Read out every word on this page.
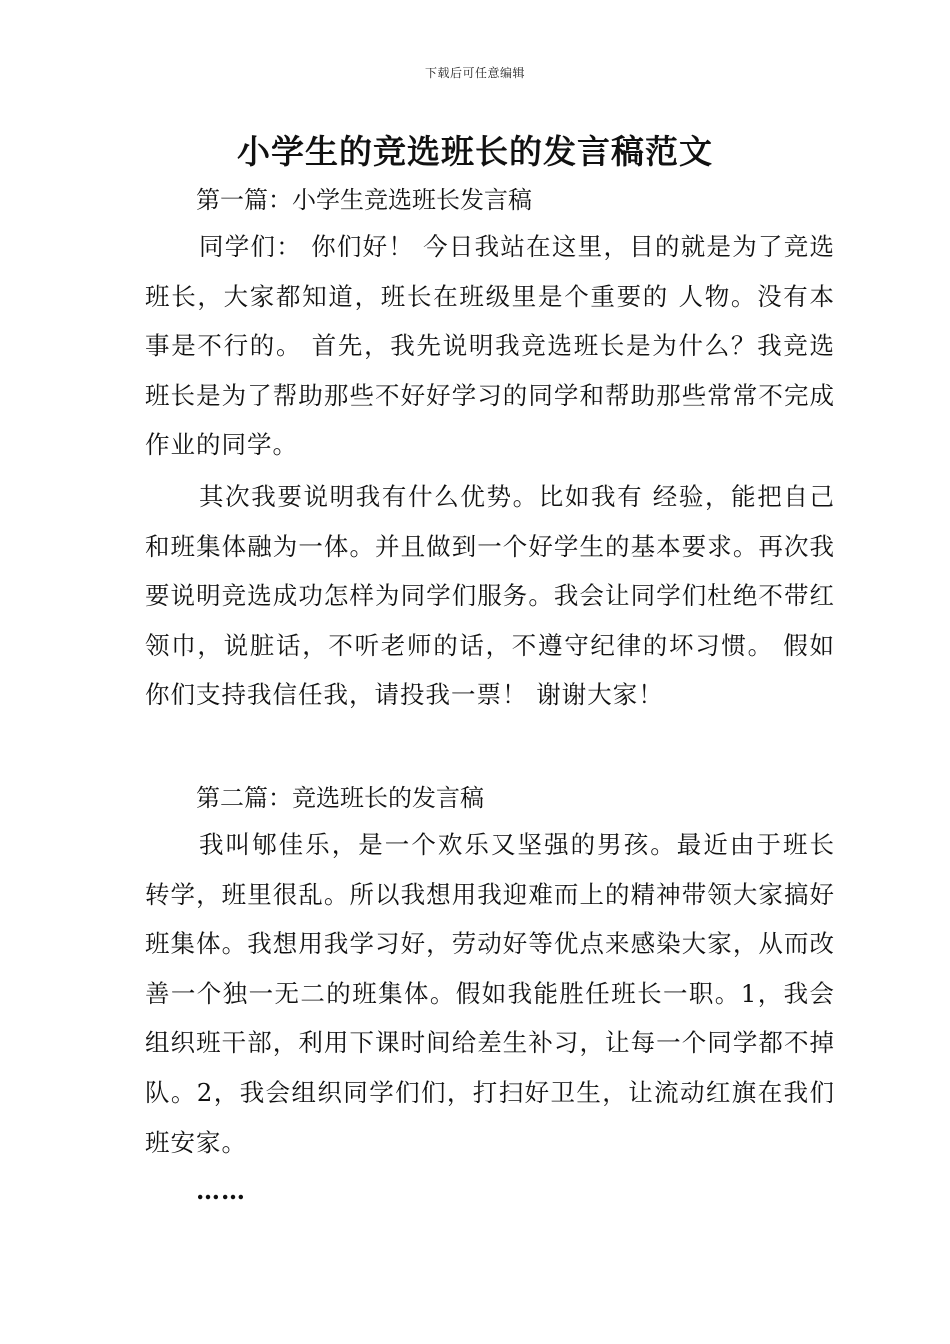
下载后可任意编辑
小学生的竞选班长的发言稿范文
第一篇：小学生竞选班长发言稿

同学们： 你们好！ 今日我站在这里，目的就是为了竞选班长，大家都知道，班长在班级里是个重要的 人物。没有本事是不行的。 首先，我先说明我竞选班长是为什么？我竞选班长是为了帮助那些不好好学习的同学和帮助那些常常不完成作业的同学。

其次我要说明我有什么优势。比如我有 经验，能把自己和班集体融为一体。并且做到一个好学生的基本要求。再次我要说明竞选成功怎样为同学们服务。我会让同学们杜绝不带红领巾，说脏话，不听老师的话，不遵守纪律的坏习惯。 假如你们支持我信任我，请投我一票！ 谢谢大家！

第二篇：竞选班长的发言稿

我叫郇佳乐，是一个欢乐又坚强的男孩。最近由于班长转学，班里很乱。所以我想用我迎难而上的精神带领大家搞好班集体。我想用我学习好，劳动好等优点来感染大家，从而改善一个独一无二的班集体。假如我能胜任班长一职。1，我会组织班干部，利用下课时间给差生补习，让每一个同学都不掉队。2，我会组织同学们们，打扫好卫生，让流动红旗在我们班安家。

……
